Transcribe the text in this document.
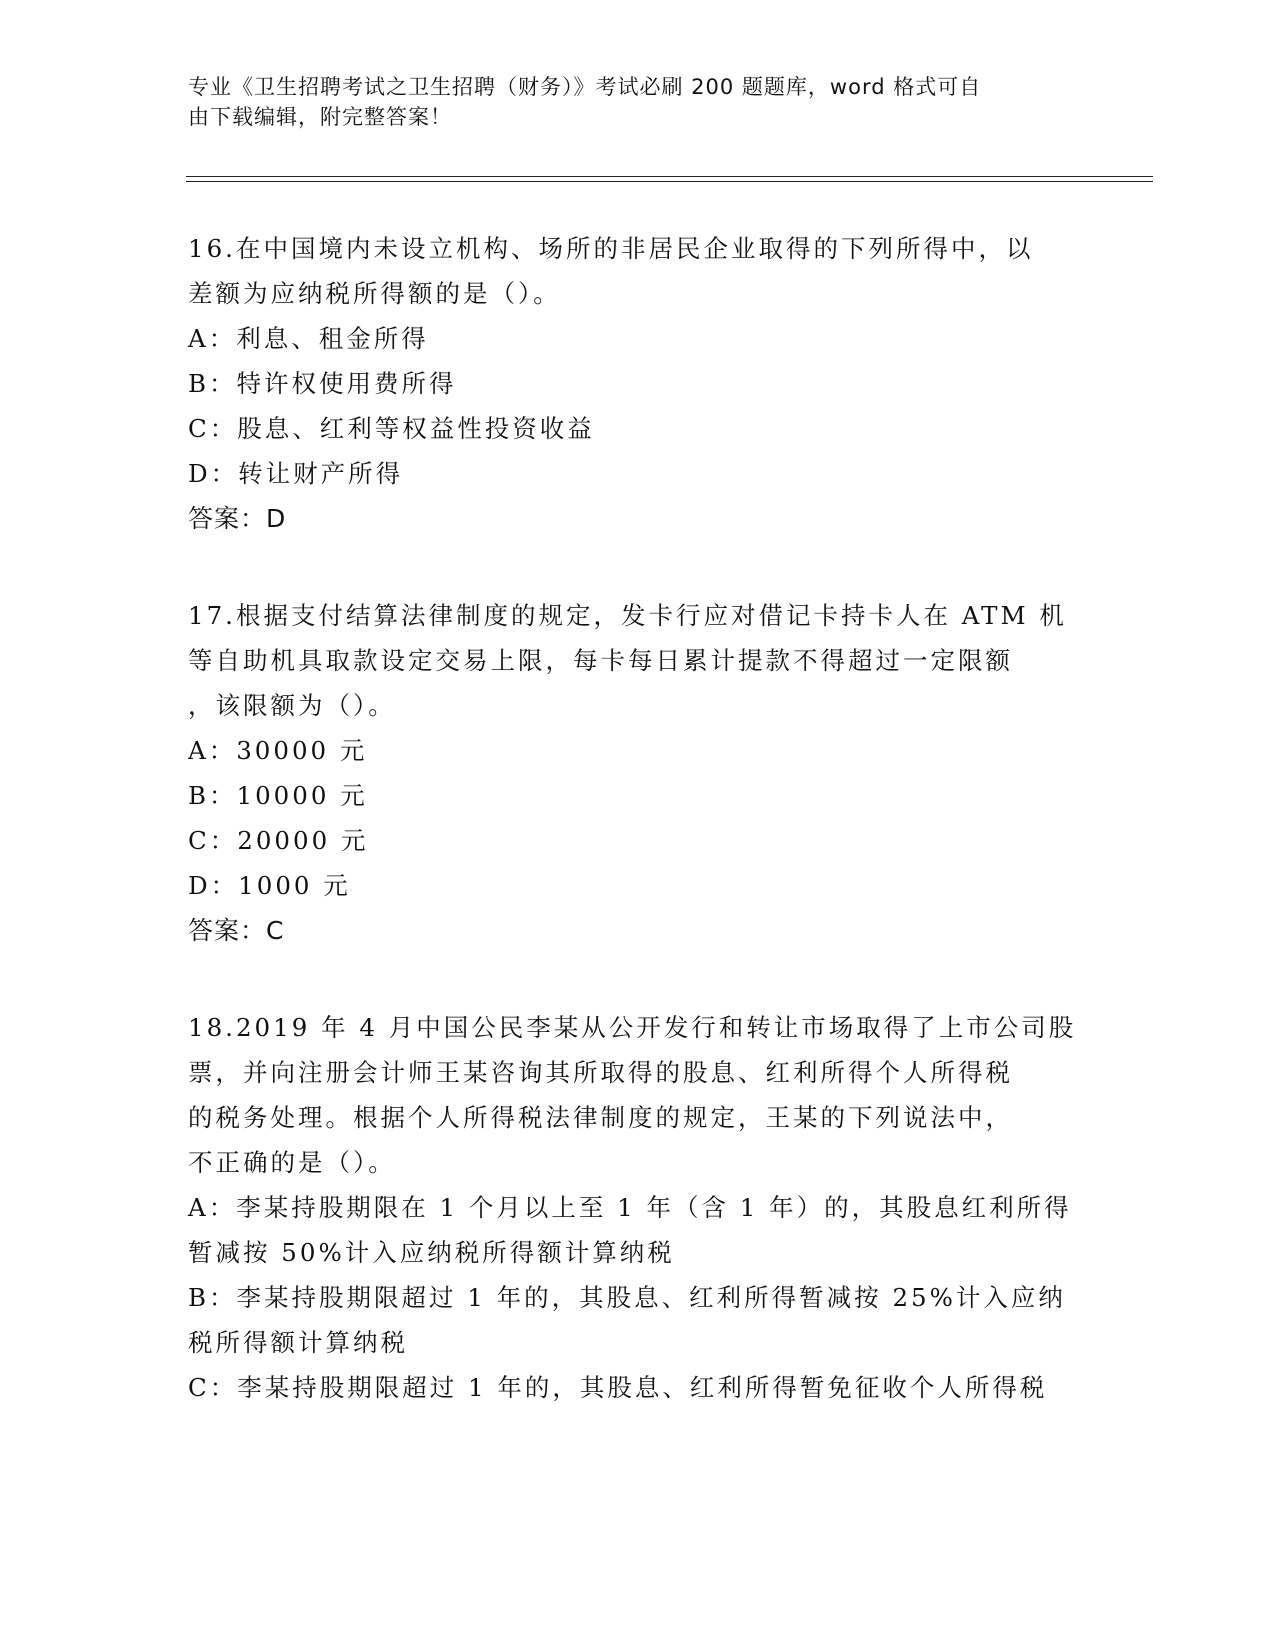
专业《卫生招聘考试之卫生招聘（财务）》考试必刷 200 题题库，word 格式可自
由下载编辑，附完整答案！
16.在中国境内未设立机构、场所的非居民企业取得的下列所得中，以
差额为应纳税所得额的是（）。
A：利息、租金所得
B：特许权使用费所得
C：股息、红利等权益性投资收益
D：转让财产所得
答案：D
17.根据支付结算法律制度的规定，发卡行应对借记卡持卡人在 ATM 机
等自助机具取款设定交易上限，每卡每日累计提款不得超过一定限额
，该限额为（）。
A：30000 元
B：10000 元
C：20000 元
D：1000 元
答案：C
18.2019 年 4 月中国公民李某从公开发行和转让市场取得了上市公司股
票，并向注册会计师王某咨询其所取得的股息、红利所得个人所得税
的税务处理。根据个人所得税法律制度的规定，王某的下列说法中，
不正确的是（）。
A：李某持股期限在 1 个月以上至 1 年（含 1 年）的，其股息红利所得
暂减按 50%计入应纳税所得额计算纳税
B：李某持股期限超过 1 年的，其股息、红利所得暂减按 25%计入应纳
税所得额计算纳税
C：李某持股期限超过 1 年的，其股息、红利所得暂免征收个人所得税
